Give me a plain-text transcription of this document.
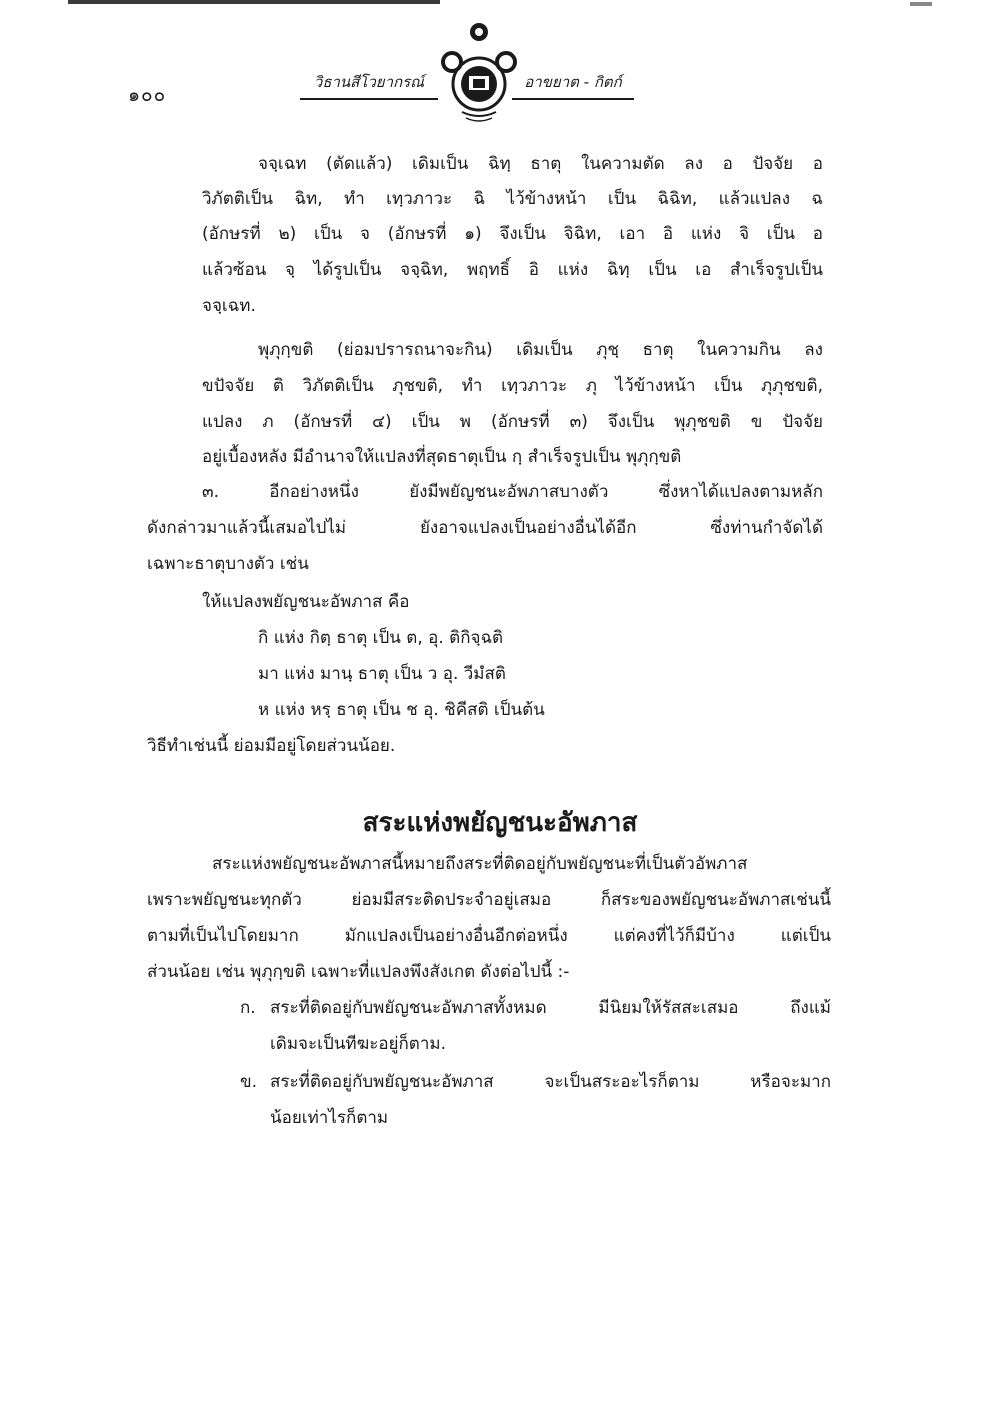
๑๐๐
วิธานสีโวยากรณ์	อาขยาต - กิตก์
จจฺเฉท (ตัดแล้ว) เดิมเป็น ฉิทฺ ธาตุ ในความตัด ลง อ ปัจจัย อ
วิภัตติเป็น ฉิท, ทำ เทฺวภาวะ ฉิ ไว้ข้างหน้า เป็น ฉิฉิท, แล้วแปลง ฉ
(อักษรที่ ๒) เป็น จ (อักษรที่ ๑) จึงเป็น จิฉิท, เอา อิ แห่ง จิ เป็น อ
แล้วซ้อน จฺ ได้รูปเป็น จจฺฉิท, พฤทธิ์ อิ แห่ง ฉิทฺ เป็น เอ สำเร็จรูปเป็น
จจฺเฉท.
พุภุกฺขติ (ย่อมปรารถนาจะกิน) เดิมเป็น ภุชฺ ธาตุ ในความกิน ลง
ขปัจจัย ติ วิภัตติเป็น ภุชขติ, ทำ เทฺวภาวะ ภุ ไว้ข้างหน้า เป็น ภุภุชขติ,
แปลง ภ (อักษรที่ ๔) เป็น พ (อักษรที่ ๓) จึงเป็น พุภุชขติ ข ปัจจัย
อยู่เบื้องหลัง มีอำนาจให้แปลงที่สุดธาตุเป็น กฺ สำเร็จรูปเป็น พุภุกฺขติ
๓. อีกอย่างหนึ่ง ยังมีพยัญชนะอัพภาสบางตัว ซึ่งหาได้แปลงตามหลัก
ดังกล่าวมาแล้วนี้เสมอไปไม่ ยังอาจแปลงเป็นอย่างอื่นได้อีก ซึ่งท่านกำจัดได้
เฉพาะธาตุบางตัว เช่น
ให้แปลงพยัญชนะอัพภาส คือ
กิ แห่ง กิตฺ ธาตุ เป็น ต, อุ. ติกิจฺฉติ
มา แห่ง มานฺ ธาตุ เป็น ว อุ. วีมํสติ
ห แห่ง หรฺ ธาตุ เป็น ช อุ. ชิคีสติ เป็นต้น
วิธีทำเช่นนี้ ย่อมมีอยู่โดยส่วนน้อย.
สระแห่งพยัญชนะอัพภาส
สระแห่งพยัญชนะอัพภาสนี้หมายถึงสระที่ติดอยู่กับพยัญชนะที่เป็นตัวอัพภาส
เพราะพยัญชนะทุกตัว ย่อมมีสระติดประจำอยู่เสมอ ก็สระของพยัญชนะอัพภาสเช่นนี้
ตามที่เป็นไปโดยมาก มักแปลงเป็นอย่างอื่นอีกต่อหนึ่ง แต่คงที่ไว้ก็มีบ้าง แต่เป็น
ส่วนน้อย เช่น พุภุกฺขติ เฉพาะที่แปลงพึงสังเกต ดังต่อไปนี้ :-
ก. สระที่ติดอยู่กับพยัญชนะอัพภาสทั้งหมด มีนิยมให้รัสสะเสมอ ถึงแม้
เดิมจะเป็นทีฆะอยู่ก็ตาม.
ข. สระที่ติดอยู่กับพยัญชนะอัพภาส จะเป็นสระอะไรก็ตาม หรือจะมาก
น้อยเท่าไรก็ตาม
